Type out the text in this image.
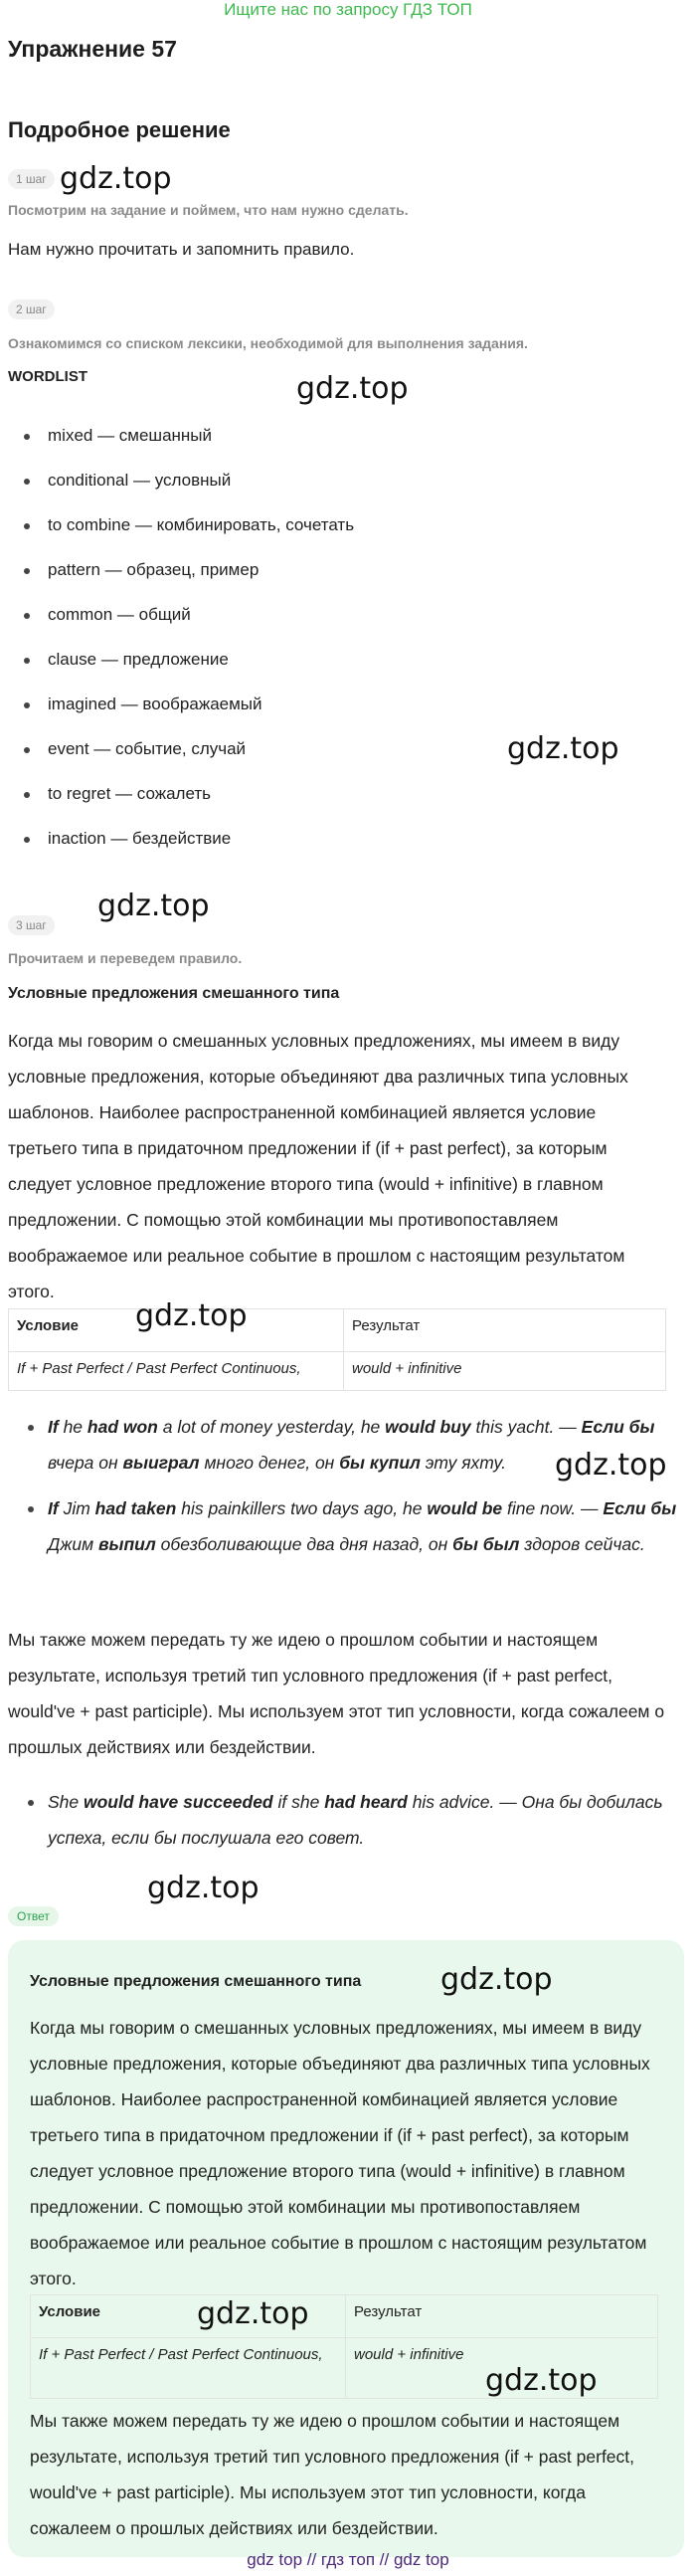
Ищите нас по запросу ГДЗ ТОП

Упражнение 57
Подробное решение
1 шаг gdz.top
Посмотрим на задание и поймем, что нам нужно сделать.
Нам нужно прочитать и запомнить правило.
2 шаг
Ознакомимся со списком лексики, необходимой для выполнения задания.
WORDLIST	gdz.top
mixed — смешанный
conditional — условный
to combine — комбинировать, сочетать
pattern — образец, пример
common — общий
clause — предложение
imagined — воображаемый
event — событие, случай
to regret — сожалеть
inaction — бездействие
gdz.top
3 шаг
gdz.top
Прочитаем и переведем правило.
Условные предложения смешанного типа
Когда мы говорим о смешанных условных предложениях, мы имеем в виду условные предложения, которые объединяют два различных типа условных шаблонов. Наиболее распространенной комбинацией является условие третьего типа в придаточном предложении if (if + past perfect), за которым следует условное предложение второго типа (would + infinitive) в главном предложении. С помощью этой комбинации мы противопоставляем воображаемое или реальное событие в прошлом с настоящим результатом этого.
Условие	Результат
If + Past Perfect / Past Perfect Continuous,	would + infinitive
gdz.top
If he had won a lot of money yesterday, he would buy this yacht. — Если бы вчера он выиграл много денег, он бы купил эту яхту.	gdz.top
If Jim had taken his painkillers two days ago, he would be fine now. — Если бы Джим выпил обезболивающие два дня назад, он бы был здоров сейчас.
Мы также можем передать ту же идею о прошлом событии и настоящем результате, используя третий тип условного предложения (if + past perfect, would've + past participle). Мы используем этот тип условности, когда сожалеем о прошлых действиях или бездействии.
She would have succeeded if she had heard his advice. — Она бы добилась успеха, если бы послушала его совет.
gdz.top
Ответ
Условные предложения смешанного типа	gdz.top
Когда мы говорим о смешанных условных предложениях, мы имеем в виду условные предложения, которые объединяют два различных типа условных шаблонов. Наиболее распространенной комбинацией является условие третьего типа в придаточном предложении if (if + past perfect), за которым следует условное предложение второго типа (would + infinitive) в главном предложении. С помощью этой комбинации мы противопоставляем воображаемое или реальное событие в прошлом с настоящим результатом этого.
Условие	Результат
If + Past Perfect / Past Perfect Continuous,	would + infinitive
gdz.top
gdz.top
Мы также можем передать ту же идею о прошлом событии и настоящем результате, используя третий тип условного предложения (if + past perfect, would've + past participle). Мы используем этот тип условности, когда сожалеем о прошлых действиях или бездействии.
gdz top // гдз топ // gdz top
